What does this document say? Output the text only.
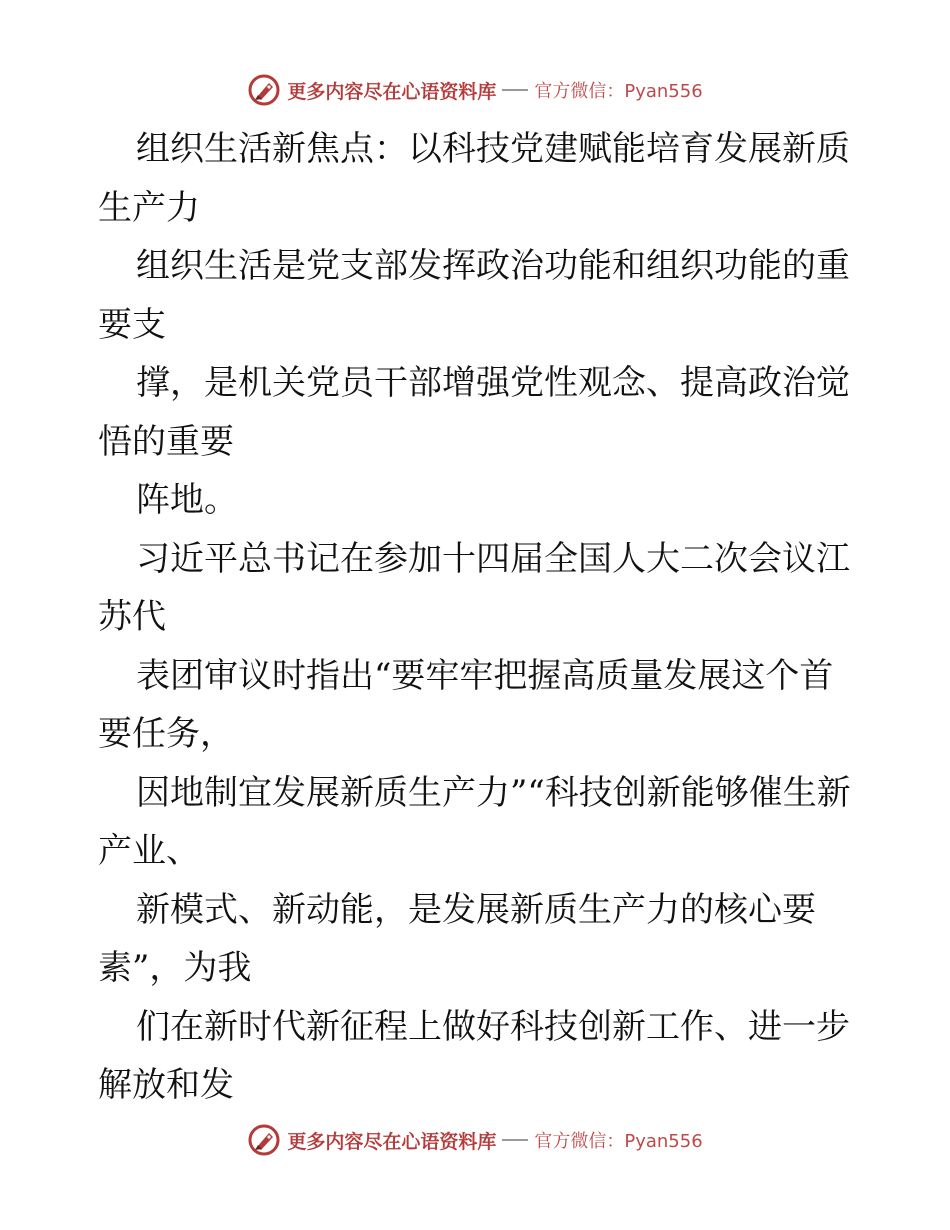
更多内容尽在心语资料库 官方微信：Pyan556

组织生活新焦点：以科技党建赋能培育发展新质生产力

组织生活是党支部发挥政治功能和组织功能的重要支

撑，是机关党员干部增强党性观念、提高政治觉悟的重要

阵地。

习近平总书记在参加十四届全国人大二次会议江苏代

表团审议时指出“要牢牢把握高质量发展这个首要任务，

因地制宜发展新质生产力”“科技创新能够催生新产业、

新模式、新动能，是发展新质生产力的核心要素”，为我

们在新时代新征程上做好科技创新工作、进一步解放和发

更多内容尽在心语资料库 官方微信：Pyan556
